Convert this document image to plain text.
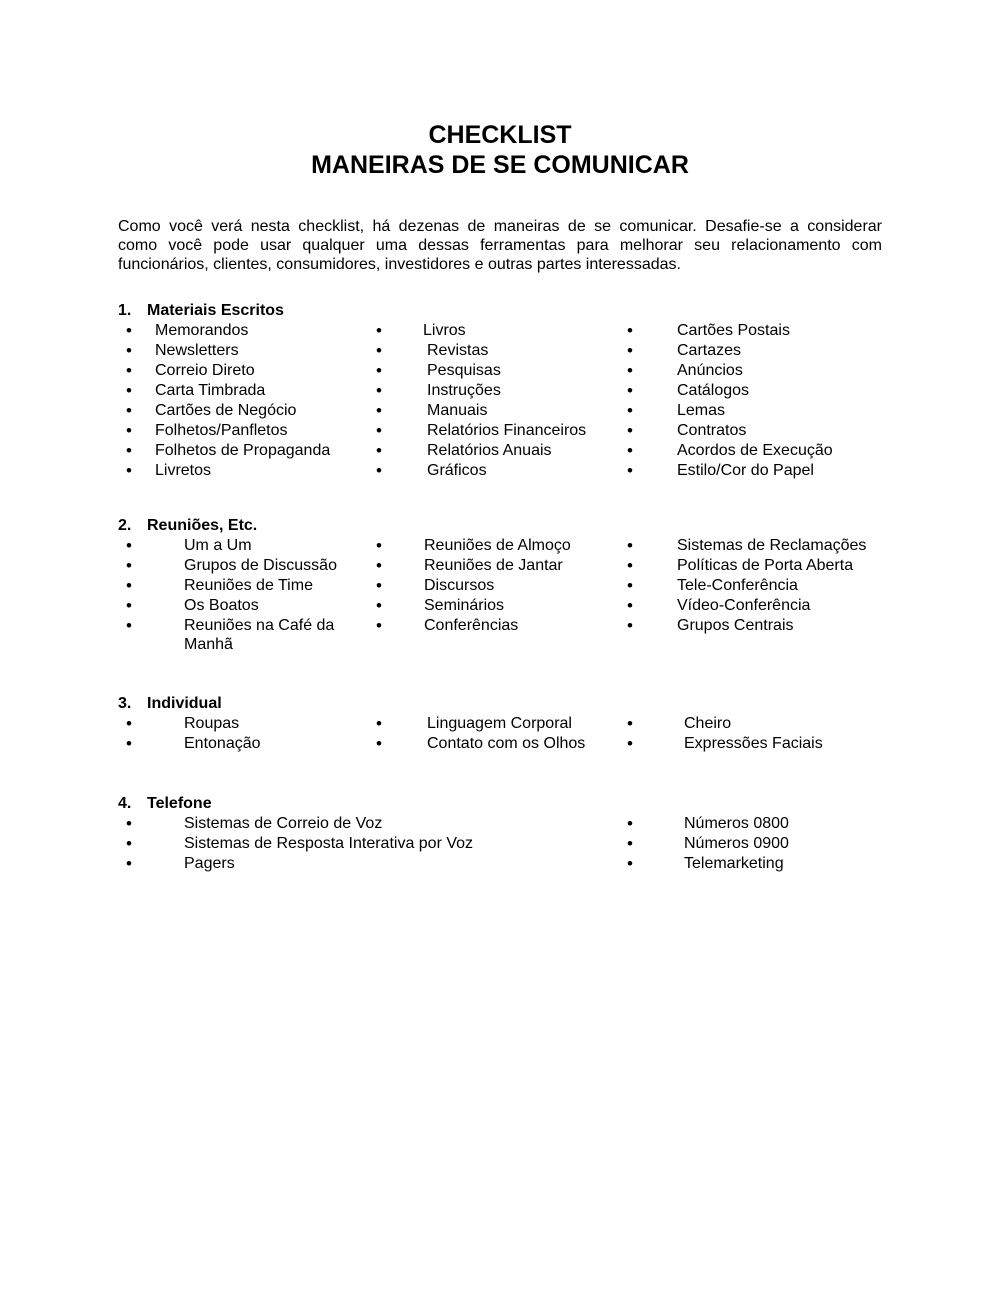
CHECKLIST
MANEIRAS DE SE COMUNICAR
Como você verá nesta checklist, há dezenas de maneiras de se comunicar. Desafie-se a considerar
como você pode usar qualquer uma dessas ferramentas para melhorar seu relacionamento com
funcionários, clientes, consumidores, investidores e outras partes interessadas.
1. Materiais Escritos
•
Memorandos
•
Newsletters
•
Correio Direto
•
Carta Timbrada
•
Cartões de Negócio
•
Folhetos/Panfletos
•
Folhetos de Propaganda
•
Livretos
•
Livros
•
Revistas
•
Pesquisas
•
Instruções
•
Manuais
•
Relatórios Financeiros
•
Relatórios Anuais
•
Gráficos
•
Cartões Postais
•
Cartazes
•
Anúncios
•
Catálogos
•
Lemas
•
Contratos
•
Acordos de Execução
•
Estilo/Cor do Papel
2. Reuniões, Etc.
•
Um a Um
•
Grupos de Discussão
•
Reuniões de Time
•
Os Boatos
•
Reuniões na Café da
Manhã
•
Reuniões de Almoço
•
Reuniões de Jantar
•
Discursos
•
Seminários
•
Conferências
•
Sistemas de Reclamações
•
Políticas de Porta Aberta
•
Tele-Conferência
•
Vídeo-Conferência
•
Grupos Centrais
3. Individual
•
Roupas
•
Entonação
•
Linguagem Corporal
•
Contato com os Olhos
•
Cheiro
•
Expressões Faciais
4. Telefone
•
Sistemas de Correio de Voz
•
Sistemas de Resposta Interativa por Voz
•
Pagers
•
Números 0800
•
Números 0900
•
Telemarketing
